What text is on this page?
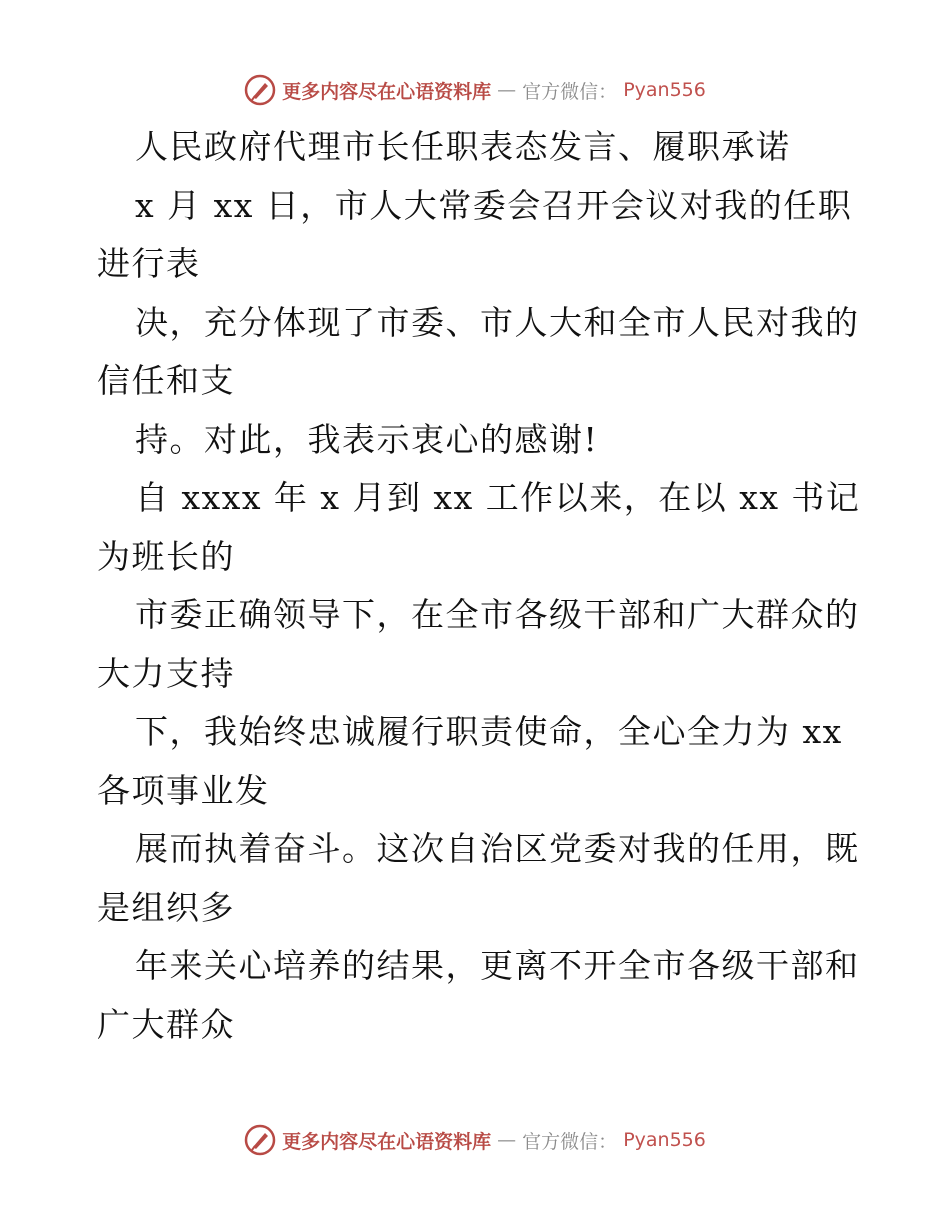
更多内容尽在心语资料库 — 官方微信： Pyan556
人民政府代理市长任职表态发言、履职承诺
x 月 xx 日，市人大常委会召开会议对我的任职
进行表
决，充分体现了市委、市人大和全市人民对我的
信任和支
持。对此，我表示衷心的感谢!
自 xxxx 年 x 月到 xx 工作以来，在以 xx 书记
为班长的
市委正确领导下，在全市各级干部和广大群众的
大力支持
下，我始终忠诚履行职责使命，全心全力为 xx
各项事业发
展而执着奋斗。这次自治区党委对我的任用，既
是组织多
年来关心培养的结果，更离不开全市各级干部和
广大群众
更多内容尽在心语资料库 — 官方微信： Pyan556
